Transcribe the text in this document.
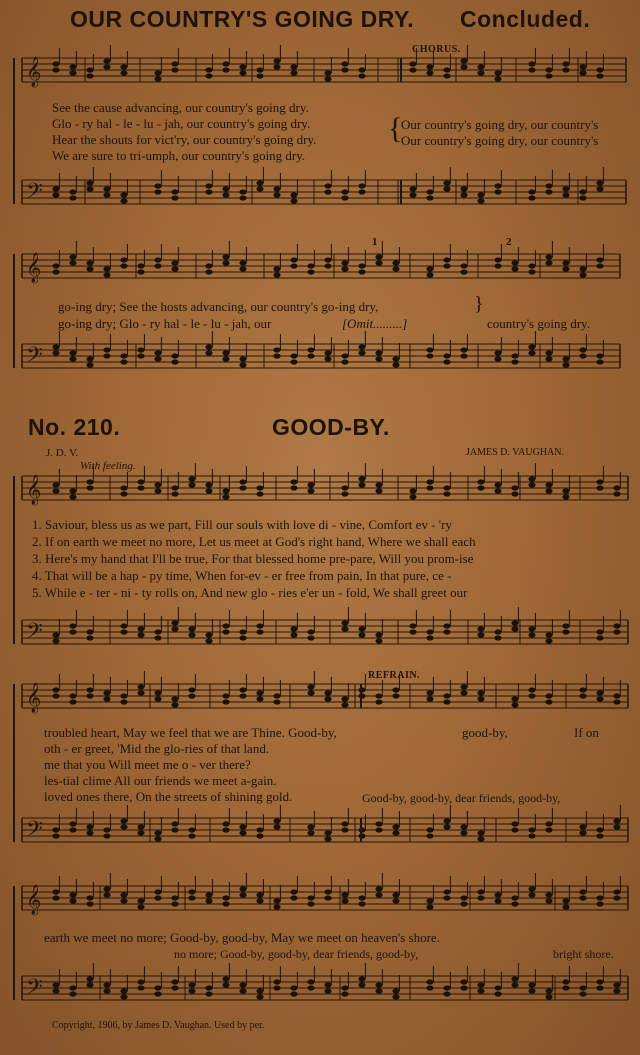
𝄞
𝄢
𝄞
𝄢
𝄞
𝄢
𝄞
𝄢
𝄞
𝄢
OUR COUNTRY'S GOING DRY. Concluded.
CHORUS.
See the cause advancing, our country's going dry.
Glo - ry hal - le - lu - jah, our country's going dry.
Hear the shouts for vict'ry, our country's going dry.
We are sure to tri-umph, our country's going dry.
{
Our country's going dry, our country's
Our country's going dry, our country's
1	2
go-ing dry; See the hosts advancing, our country's go-ing dry,	}
go-ing dry; Glo - ry hal - le - lu - jah, our	[Omit.........]	country's going dry.
No. 210.	GOOD-BY.
J. D. V.	JAMES D. VAUGHAN.
With feeling.
1. Saviour, bless us as we part, Fill our souls with love di - vine, Comfort ev - 'ry
2. If on earth we meet no more, Let us meet at God's right hand, Where we shall each
3. Here's my hand that I'll be true, For that blessed home pre-pare, Will you prom-ise
4. That will be a hap - py time, When for-ev - er free from pain, In that pure, ce -
5. While e - ter - ni - ty rolls on, And new glo - ries e'er un - fold, We shall greet our
REFRAIN.
troubled heart, May we feel that we are Thine. Good-by,
oth - er greet, 'Mid the glo-ries of that land.
me that you Will meet me o - ver there?
les-tial clime All our friends we meet a-gain.
loved ones there, On the streets of shining gold.
good-by,	If on
Good-by, good-by, dear friends, good-by,
earth we meet no more; Good-by, good-by, May we meet on heaven's shore.
no more; Good-by, good-by, dear friends, good-by,	bright shore.
Copyright, 1906, by James D. Vaughan. Used by per.
